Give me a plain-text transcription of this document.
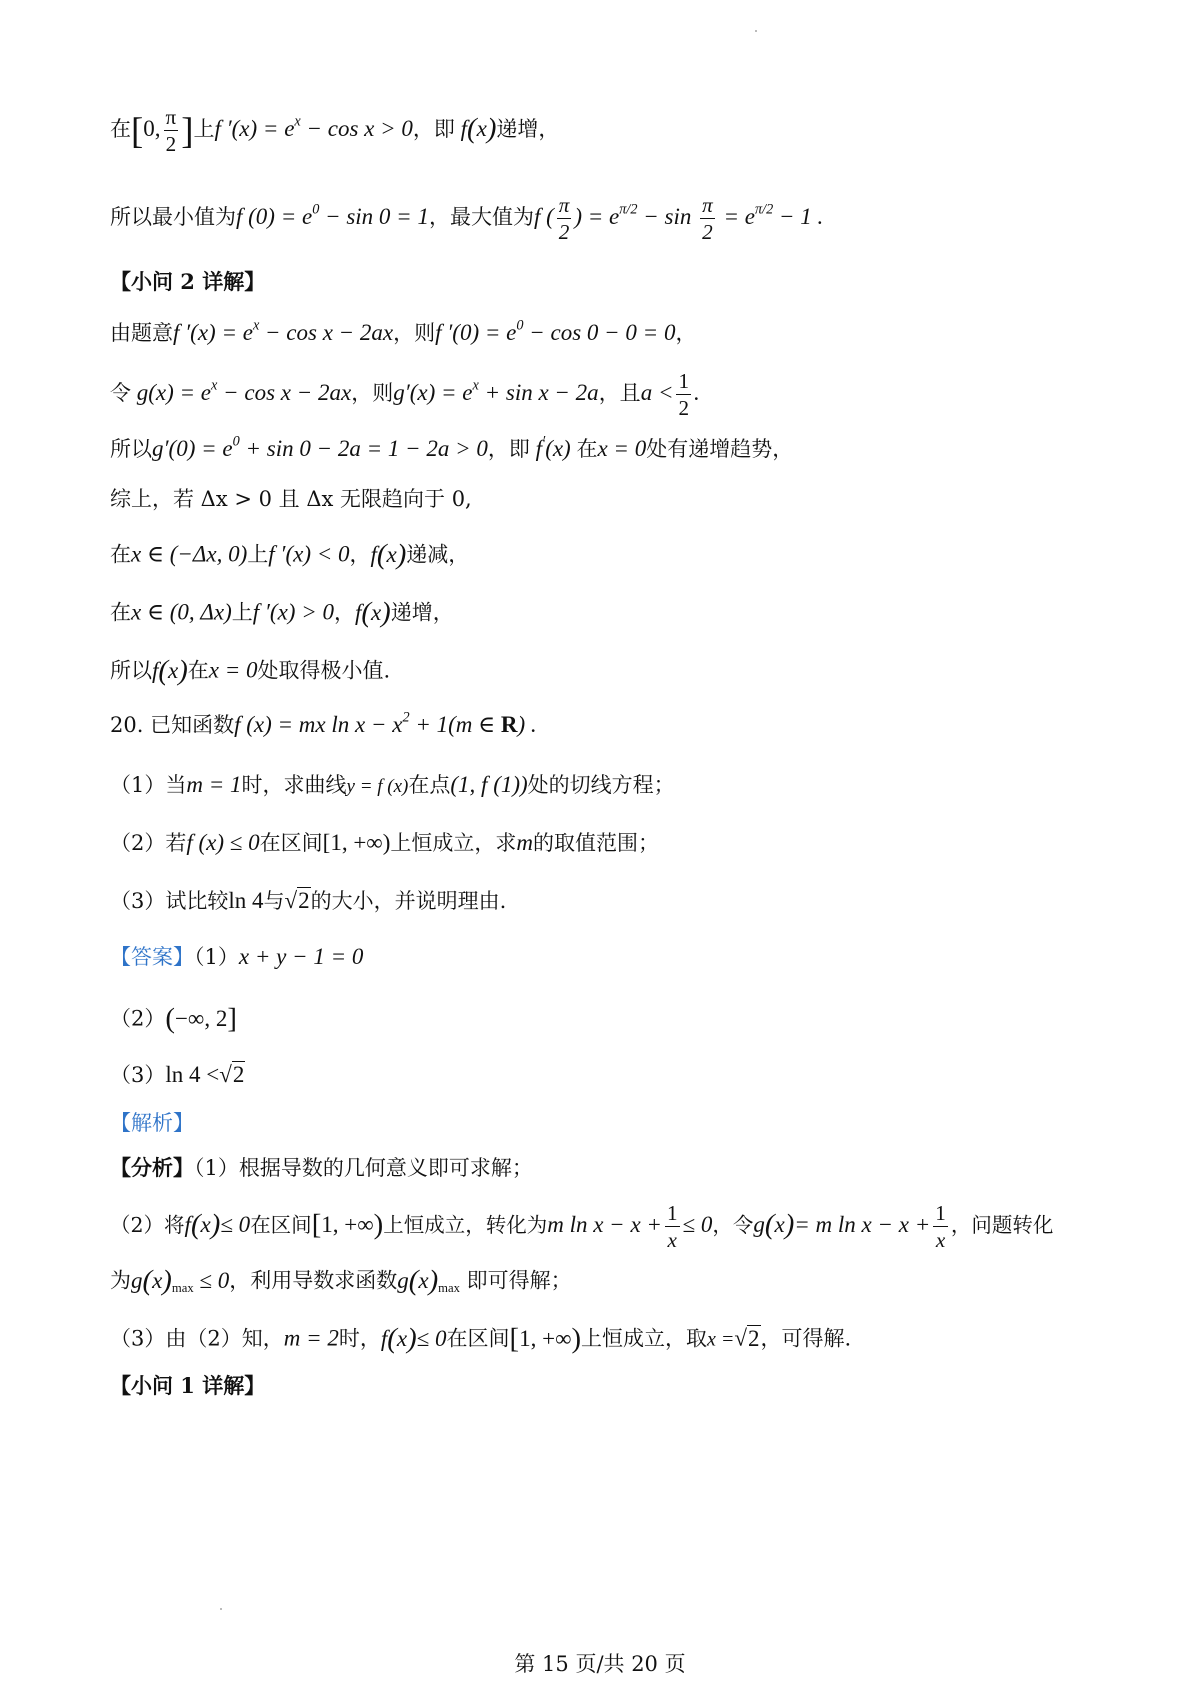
在[0, $\frac{\pi}{2}$ ]上f $'(x) = e^x - \cos x > 0$，即 f(x)递增，
所以最小值为f $(0) = e^0 - \sin 0 = 1$，最大值为f ( $\frac{\pi}{2}$ ) = $e^{\pi/2} - \sin \frac{\pi}{2} = e^{\pi/2} - 1$ .
【小问 2 详解】
由题意f $'(x) = e^x - \cos x - 2ax$，则f $'(0) = e^0 - \cos 0 - 0 = 0$，
令 $g(x) = e^x - \cos x - 2ax$，则$g'(x) = e^x + \sin x - 2a$，且$a < \frac{1}{2}$ .
所以$g'(0) = e^0 + \sin 0 - 2a = 1 - 2a > 0$，即 f′(x) 在x = 0处有递增趋势，
综上，若 Δx > 0 且 Δx 无限趋向于 0,
在x ∈ (−Δx, 0)上f ′(x) < 0，f(x)递减，
在x ∈ (0, Δx)上f ′(x) > 0，f(x)递增，
所以f(x)在x = 0处取得极小值.
20. 已知函数f (x) = mx $\ln x - x^2 + 1(m$ ∈ R) .
（1）当m = 1时，求曲线y = f (x)在点(1, f (1))处的切线方程；
（2）若f (x) ≤ 0在区间[1, +∞)上恒成立，求m的取值范围；
（3）试比较ln 4与√2的大小，并说明理由.
【答案】（1）x + y − 1 = 0
（2）(−∞, 2]
（3）ln 4 <√2
【解析】
【分析】（1）根据导数的几何意义即可求解；
（2）将f(x)≤ 0在区间[1, +∞)上恒成立，转化为m $\ln x - x + \frac{1}{x} \le 0$，令g(x)= m $\ln x - x + \frac{1}{x}$ ，问题转化
为$g(x)_{max} \le 0$，利用导数求函数$g(x)_{max}$ 即可得解；
（3）由（2）知，m = 2时，f(x)≤ 0在区间[1, +∞)上恒成立，取x =√2，可得解.
【小问 1 详解】
第 15 页/共 20 页
